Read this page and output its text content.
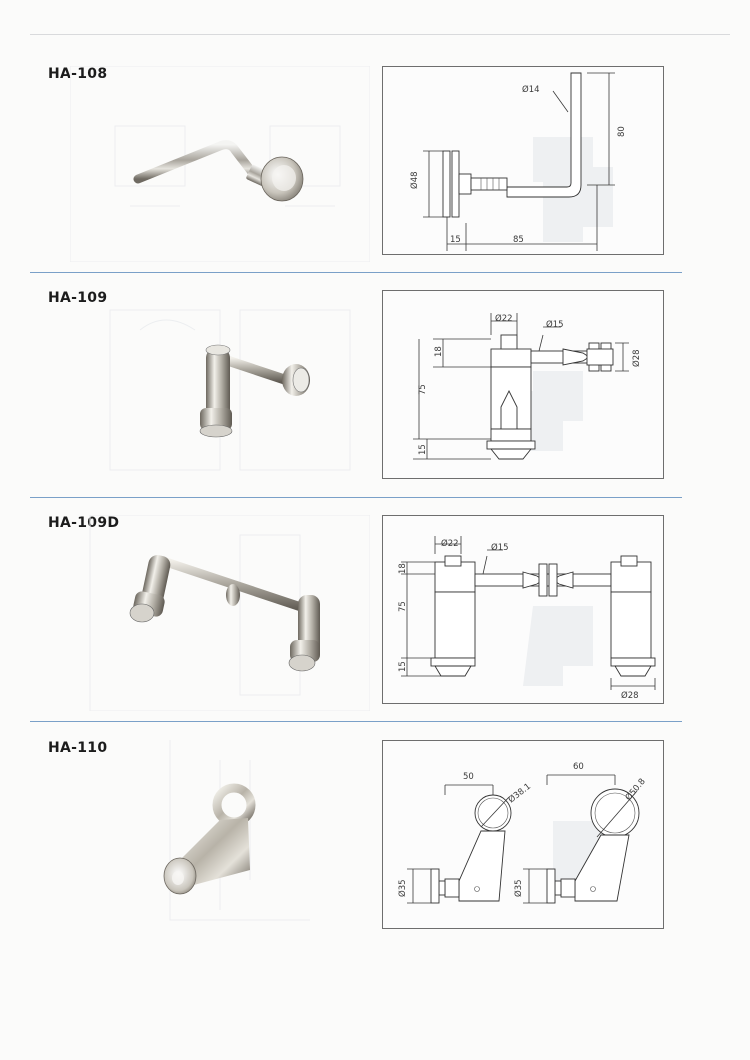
HA-108
Ø48
80
Ø14
15	85
HA-109
Ø22
Ø15
18
75
15
Ø28
HA-109D
Ø22	Ø15
18
75
15
Ø28
HA-110
50
Ø38.1
60
Ø50.8
Ø35	Ø35
